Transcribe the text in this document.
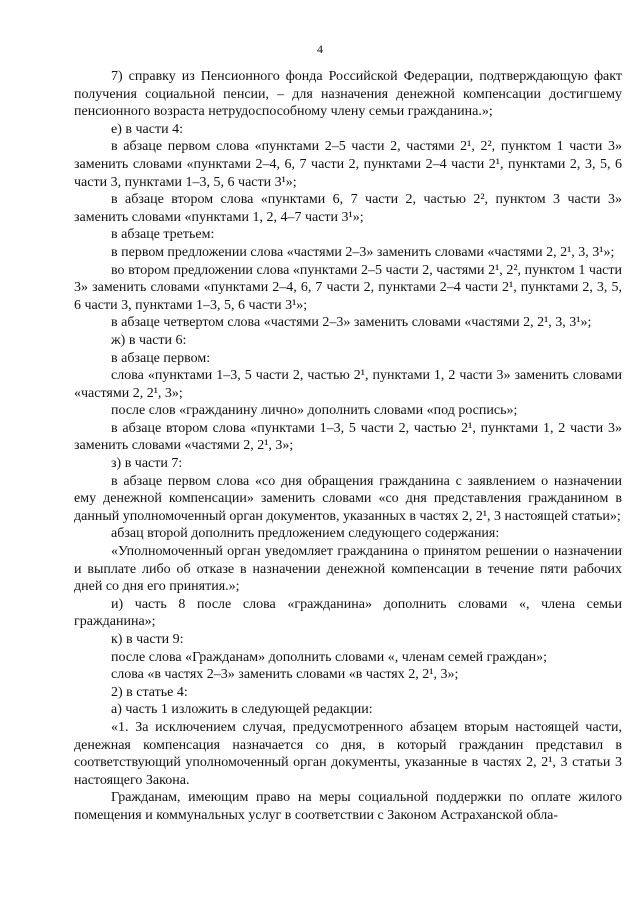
4

7) справку из Пенсионного фонда Российской Федерации, подтверждающую факт получения социальной пенсии, – для назначения денежной компенсации достигшему пенсионного возраста нетрудоспособному члену семьи гражданина.»;

е) в части 4:

в абзаце первом слова «пунктами 2–5 части 2, частями 2¹, 2², пунктом 1 части 3» заменить словами «пунктами 2–4, 6, 7 части 2, пунктами 2–4 части 2¹, пунктами 2, 3, 5, 6 части 3, пунктами 1–3, 5, 6 части 3¹»;

в абзаце втором слова «пунктами 6, 7 части 2, частью 2², пунктом 3 части 3» заменить словами «пунктами 1, 2, 4–7 части 3¹»;

в абзаце третьем:

в первом предложении слова «частями 2–3» заменить словами «частями 2, 2¹, 3, 3¹»;

во втором предложении слова «пунктами 2–5 части 2, частями 2¹, 2², пунктом 1 части 3» заменить словами «пунктами 2–4, 6, 7 части 2, пунктами 2–4 части 2¹, пунктами 2, 3, 5, 6 части 3, пунктами 1–3, 5, 6 части 3¹»;

в абзаце четвертом слова «частями 2–3» заменить словами «частями 2, 2¹, 3, 3¹»;

ж) в части 6:

в абзаце первом:

слова «пунктами 1–3, 5 части 2, частью 2¹, пунктами 1, 2 части 3» заменить словами «частями 2, 2¹, 3»;

после слов «гражданину лично» дополнить словами «под роспись»;

в абзаце втором слова «пунктами 1–3, 5 части 2, частью 2¹, пунктами 1, 2 части 3» заменить словами «частями 2, 2¹, 3»;

з) в части 7:

в абзаце первом слова «со дня обращения гражданина с заявлением о назначении ему денежной компенсации» заменить словами «со дня представления гражданином в данный уполномоченный орган документов, указанных в частях 2, 2¹, 3 настоящей статьи»;

абзац второй дополнить предложением следующего содержания:

«Уполномоченный орган уведомляет гражданина о принятом решении о назначении и выплате либо об отказе в назначении денежной компенсации в течение пяти рабочих дней со дня его принятия.»;

и) часть 8 после слова «гражданина» дополнить словами «, члена семьи гражданина»;

к) в части 9:

после слова «Гражданам» дополнить словами «, членам семей граждан»;

слова «в частях 2–3» заменить словами «в частях 2, 2¹, 3»;

2) в статье 4:

а) часть 1 изложить в следующей редакции:

«1. За исключением случая, предусмотренного абзацем вторым настоящей части, денежная компенсация назначается со дня, в который гражданин представил в соответствующий уполномоченный орган документы, указанные в частях 2, 2¹, 3 статьи 3 настоящего Закона.

Гражданам, имеющим право на меры социальной поддержки по оплате жилого помещения и коммунальных услуг в соответствии с Законом Астраханской обла-
